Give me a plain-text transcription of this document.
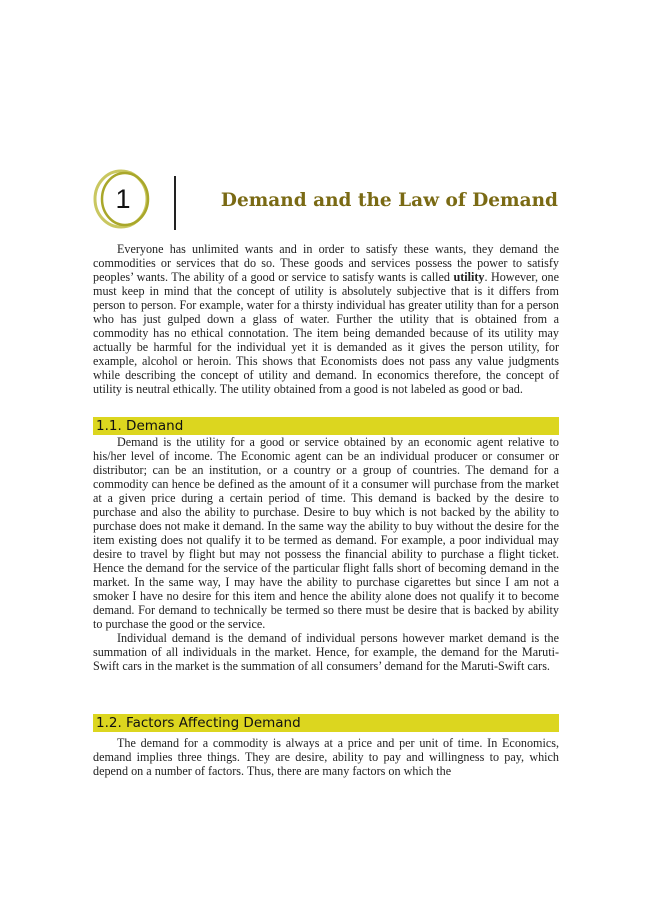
1	Demand and the Law of Demand

Everyone has unlimited wants and in order to satisfy these wants, they demand the commodities or services that do so. These goods and services possess the power to satisfy peoples’ wants. The ability of a good or service to satisfy wants is called utility. However, one must keep in mind that the concept of utility is absolutely subjective that is it differs from person to person. For example, water for a thirsty individual has greater utility than for a person who has just gulped down a glass of water. Further the utility that is obtained from a commodity has no ethical connotation. The item being demanded because of its utility may actually be harmful for the individual yet it is demanded as it gives the person utility, for example, alcohol or heroin. This shows that Economists does not pass any value judgments while describing the concept of utility and demand. In economics therefore, the concept of utility is neutral ethically. The utility obtained from a good is not labeled as good or bad.

1.1. Demand

Demand is the utility for a good or service obtained by an economic agent relative to his/her level of income. The Economic agent can be an individual producer or consumer or distributor; can be an institution, or a country or a group of countries. The demand for a commodity can hence be defined as the amount of it a consumer will purchase from the market at a given price during a certain period of time. This demand is backed by the desire to purchase and also the ability to purchase. Desire to buy which is not backed by the ability to purchase does not make it demand. In the same way the ability to buy without the desire for the item existing does not qualify it to be termed as demand. For example, a poor individual may desire to travel by flight but may not possess the financial ability to purchase a flight ticket. Hence the demand for the service of the particular flight falls short of becoming demand in the market. In the same way, I may have the ability to purchase cigarettes but since I am not a smoker I have no desire for this item and hence the ability alone does not qualify it to become demand. For demand to technically be termed so there must be desire that is backed by ability to purchase the good or the service.

Individual demand is the demand of individual persons however market demand is the summation of all individuals in the market. Hence, for example, the demand for the Maruti-Swift cars in the market is the summation of all consumers’ demand for the Maruti-Swift cars.

1.2. Factors Affecting Demand

The demand for a commodity is always at a price and per unit of time. In Economics, demand implies three things. They are desire, ability to pay and willingness to pay, which depend on a number of factors. Thus, there are many factors on which the
